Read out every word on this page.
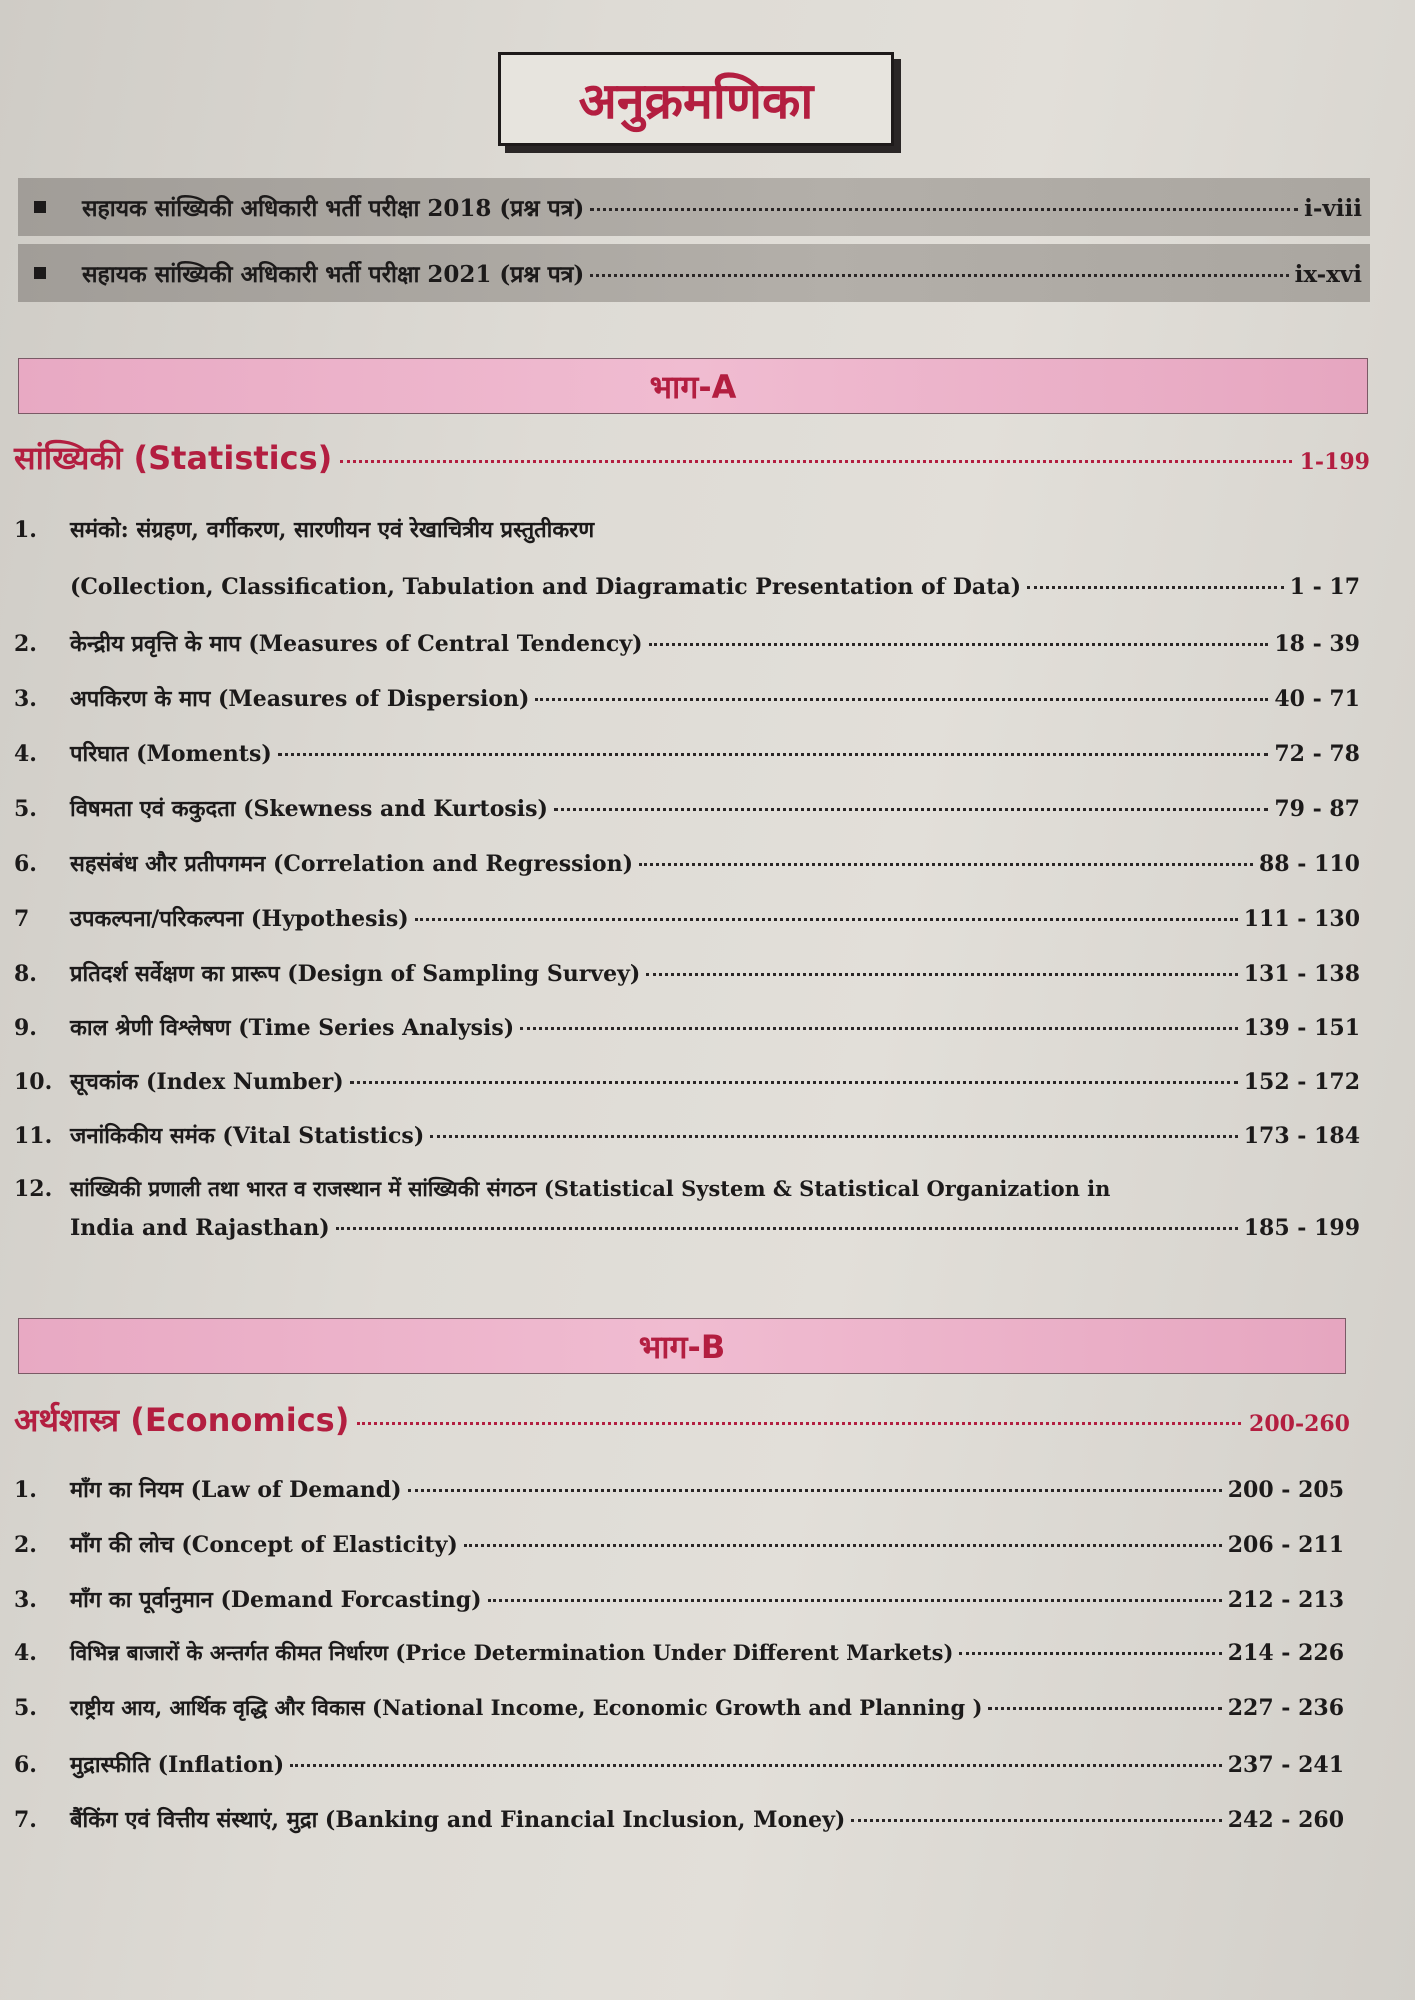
अनुक्रमणिका
सहायक सांख्यिकी अधिकारी भर्ती परीक्षा 2018 (प्रश्न पत्र)	i-viii
सहायक सांख्यिकी अधिकारी भर्ती परीक्षा 2021 (प्रश्न पत्र)	ix-xvi
भाग-A
सांख्यिकी (Statistics)	1-199
1.	समंको: संग्रहण, वर्गीकरण, सारणीयन एवं रेखाचित्रीय प्रस्तुतीकरण
(Collection, Classification, Tabulation and Diagramatic Presentation of Data)	1 - 17
2.	केन्द्रीय प्रवृत्ति के माप (Measures of Central Tendency)	18 - 39
3.	अपकिरण के माप (Measures of Dispersion)	40 - 71
4.	परिघात (Moments)	72 - 78
5.	विषमता एवं ककुदता (Skewness and Kurtosis)	79 - 87
6.	सहसंबंध और प्रतीपगमन (Correlation and Regression)	88 - 110
7	उपकल्पना/परिकल्पना (Hypothesis)	111 - 130
8.	प्रतिदर्श सर्वेक्षण का प्रारूप (Design of Sampling Survey)	131 - 138
9.	काल श्रेणी विश्लेषण (Time Series Analysis)	139 - 151
10. सूचकांक (Index Number)	152 - 172
11. जनांकिकीय समंक (Vital Statistics)	173 - 184
12. सांख्यिकी प्रणाली तथा भारत व राजस्थान में सांख्यिकी संगठन (Statistical System & Statistical Organization in
India and Rajasthan)	185 - 199
भाग-B
अर्थशास्त्र (Economics)	200-260
1.	माँग का नियम (Law of Demand)	200 - 205
2.	माँग की लोच (Concept of Elasticity)	206 - 211
3.	माँग का पूर्वानुमान (Demand Forcasting)	212 - 213
4.	विभिन्न बाजारों के अन्तर्गत कीमत निर्धारण (Price Determination Under Different Markets)	214 - 226
5.	राष्ट्रीय आय, आर्थिक वृद्धि और विकास (National Income, Economic Growth and Planning )	227 - 236
6.	मुद्रास्फीति (Inflation)	237 - 241
7.	बैंकिंग एवं वित्तीय संस्थाएं, मुद्रा (Banking and Financial Inclusion, Money)	242 - 260
